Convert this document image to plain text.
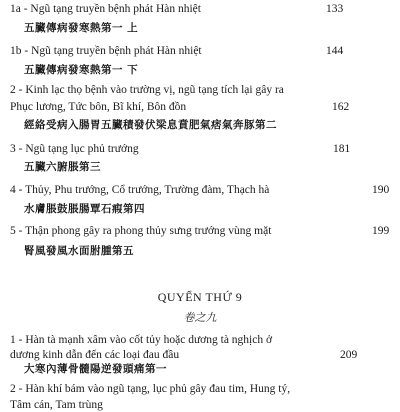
1a - Ngũ tạng truyền bệnh phát Hàn nhiệt	133
五臟傳病發寒熱第一 上
1b - Ngũ tạng truyền bệnh phát Hàn nhiệt	144
五臟傳病發寒熱第一 下
2 - Kinh lạc thọ bệnh vào trường vị, ngũ tạng tích lại gây ra
Phục lương, Tức bôn, Bĩ khí, Bôn đồn	162
經絡受病入腸胃五臟積發伏梁息賁肥氣痞氣奔豚第二
3 - Ngũ tạng lục phủ trướng	181
五臟六腑脹第三
4 - Thủy, Phu trướng, Cổ trướng, Trường đàm, Thạch hà	190
水膚脹鼓脹腸覃石瘕第四
5 - Thận phong gây ra phong thủy sưng trướng vùng mặt	199
腎風發風水面胕腫第五
QUYỂN THỨ 9
卷之九
1 - Hàn tà mạnh xâm vào cốt tủy hoặc dương tà nghịch ở
dương kinh dẫn đến các loại đau đầu	209
大寒內薄骨髓陽逆發頭痛第一
2 - Hàn khí bám vào ngũ tạng, lục phủ gây đau tim, Hung tý,
Tâm cán, Tam trùng
